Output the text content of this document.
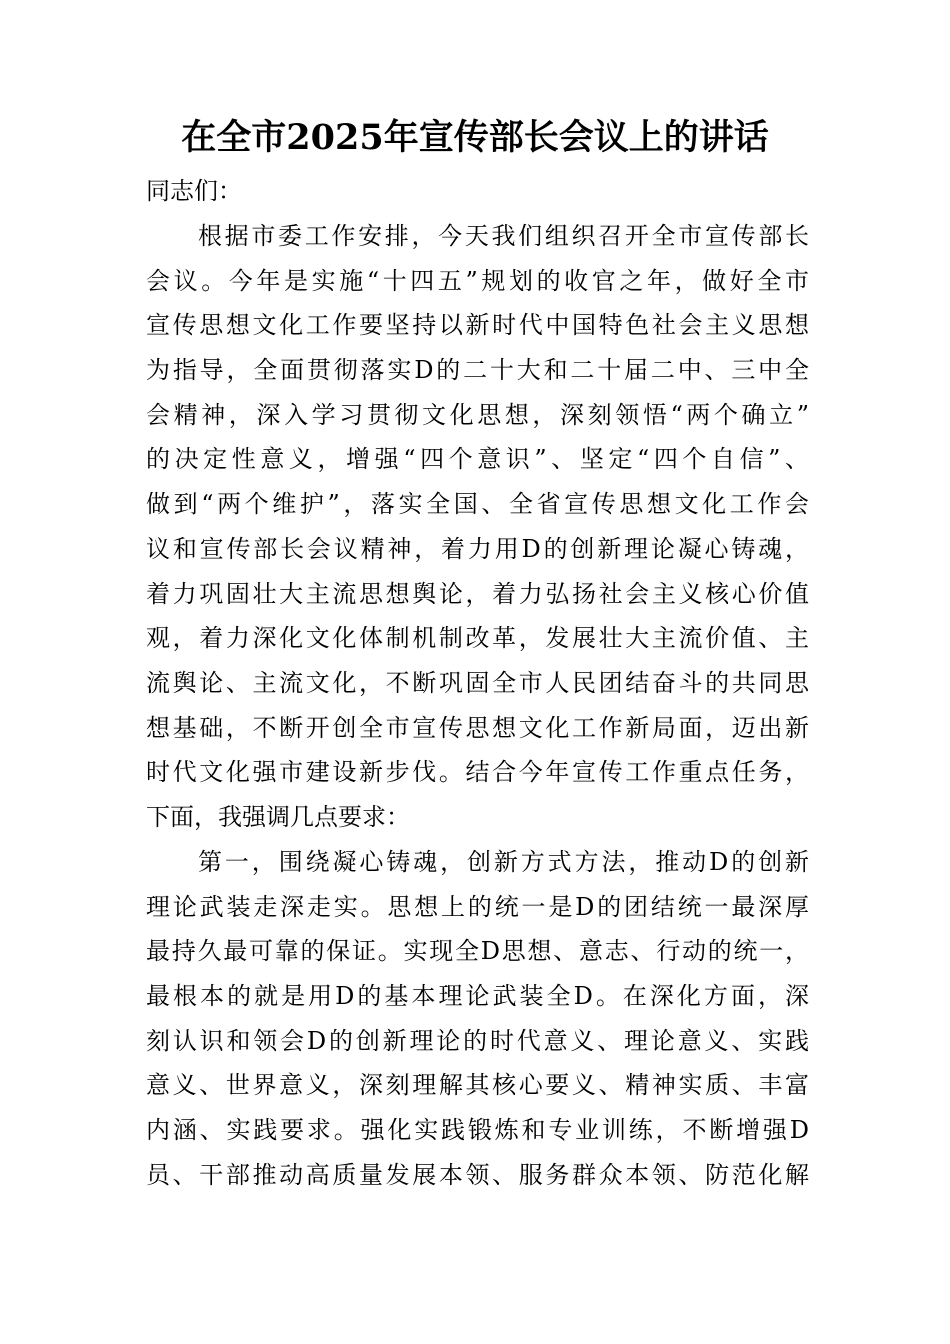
在全市2025年宣传部长会议上的讲话

同志们：

根据市委工作安排，今天我们组织召开全市宣传部长
会议。今年是实施“十四五”规划的收官之年，做好全市
宣传思想文化工作要坚持以新时代中国特色社会主义思想
为指导，全面贯彻落实D的二十大和二十届二中、三中全
会精神，深入学习贯彻文化思想，深刻领悟“两个确立”
的决定性意义，增强“四个意识”、坚定“四个自信”、
做到“两个维护”，落实全国、全省宣传思想文化工作会
议和宣传部长会议精神，着力用D的创新理论凝心铸魂，
着力巩固壮大主流思想舆论，着力弘扬社会主义核心价值
观，着力深化文化体制机制改革，发展壮大主流价值、主
流舆论、主流文化，不断巩固全市人民团结奋斗的共同思
想基础，不断开创全市宣传思想文化工作新局面，迈出新
时代文化强市建设新步伐。结合今年宣传工作重点任务，
下面，我强调几点要求：
第一，围绕凝心铸魂，创新方式方法，推动D的创新
理论武装走深走实。思想上的统一是D的团结统一最深厚
最持久最可靠的保证。实现全D思想、意志、行动的统一，
最根本的就是用D的基本理论武装全D。在深化方面，深
刻认识和领会D的创新理论的时代意义、理论意义、实践
意义、世界意义，深刻理解其核心要义、精神实质、丰富
内涵、实践要求。强化实践锻炼和专业训练，不断增强D
员、干部推动高质量发展本领、服务群众本领、防范化解
